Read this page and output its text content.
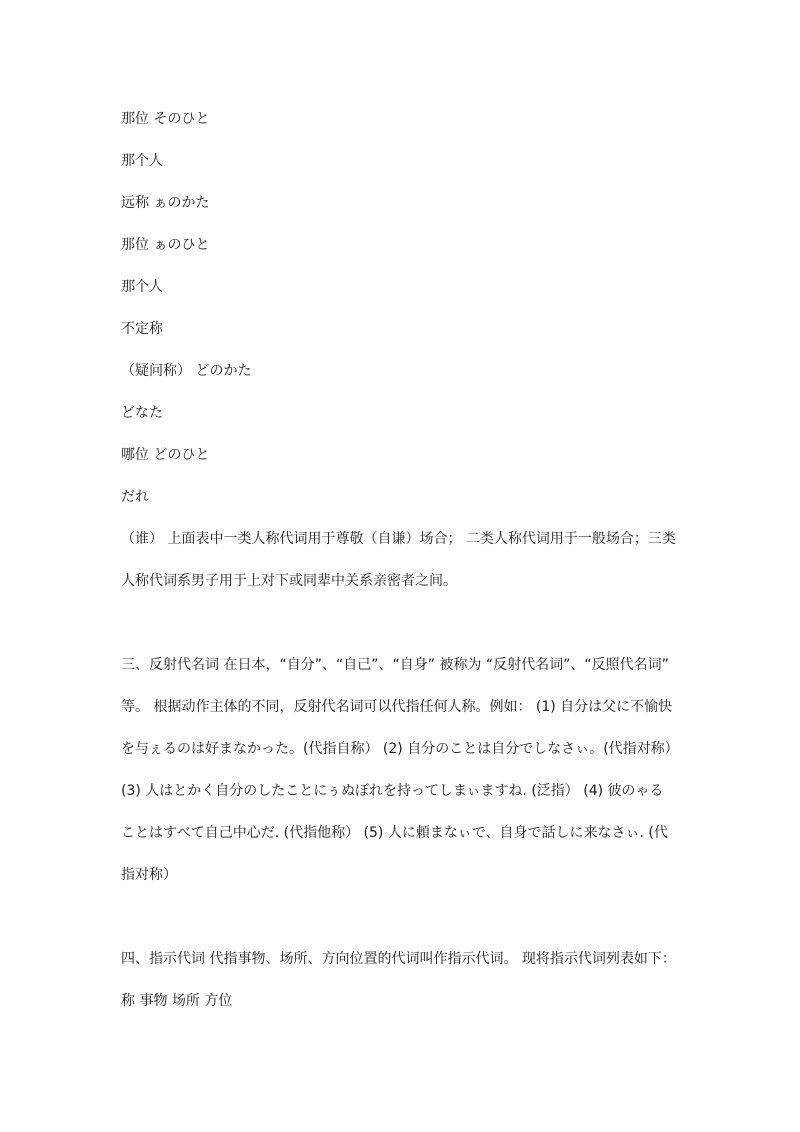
那位 そのひと
那个人
远称 ぁのかた
那位 ぁのひと
那个人
不定称
（疑问称） どのかた
どなた
哪位 どのひと
だれ
（谁） 上面表中一类人称代词用于尊敬（自谦）场合； 二类人称代词用于一般场合；三类
人称代词系男子用于上对下或同辈中关系亲密者之间。
三、反射代名词 在日本，“自分”、“自己”、“自身” 被称为 “反射代名词”、“反照代名词”
等。 根据动作主体的不同，反射代名词可以代指任何人称。例如： (1) 自分は父に不愉快
を与ぇるのは好まなかった。(代指自称） (2) 自分のことは自分でしなさぃ。(代指对称）
(3) 人はとかく自分のしたことにぅぬぼれを持ってしまぃますね. (泛指） (4) 彼のゃる
ことはすべて自己中心だ. (代指他称） (5) 人に頼まなぃで、自身で話しに来なさぃ. (代
指对称）
四、指示代词 代指事物、场所、方向位置的代词叫作指示代词。 现将指示代词列表如下：
称 事物 场所 方位
